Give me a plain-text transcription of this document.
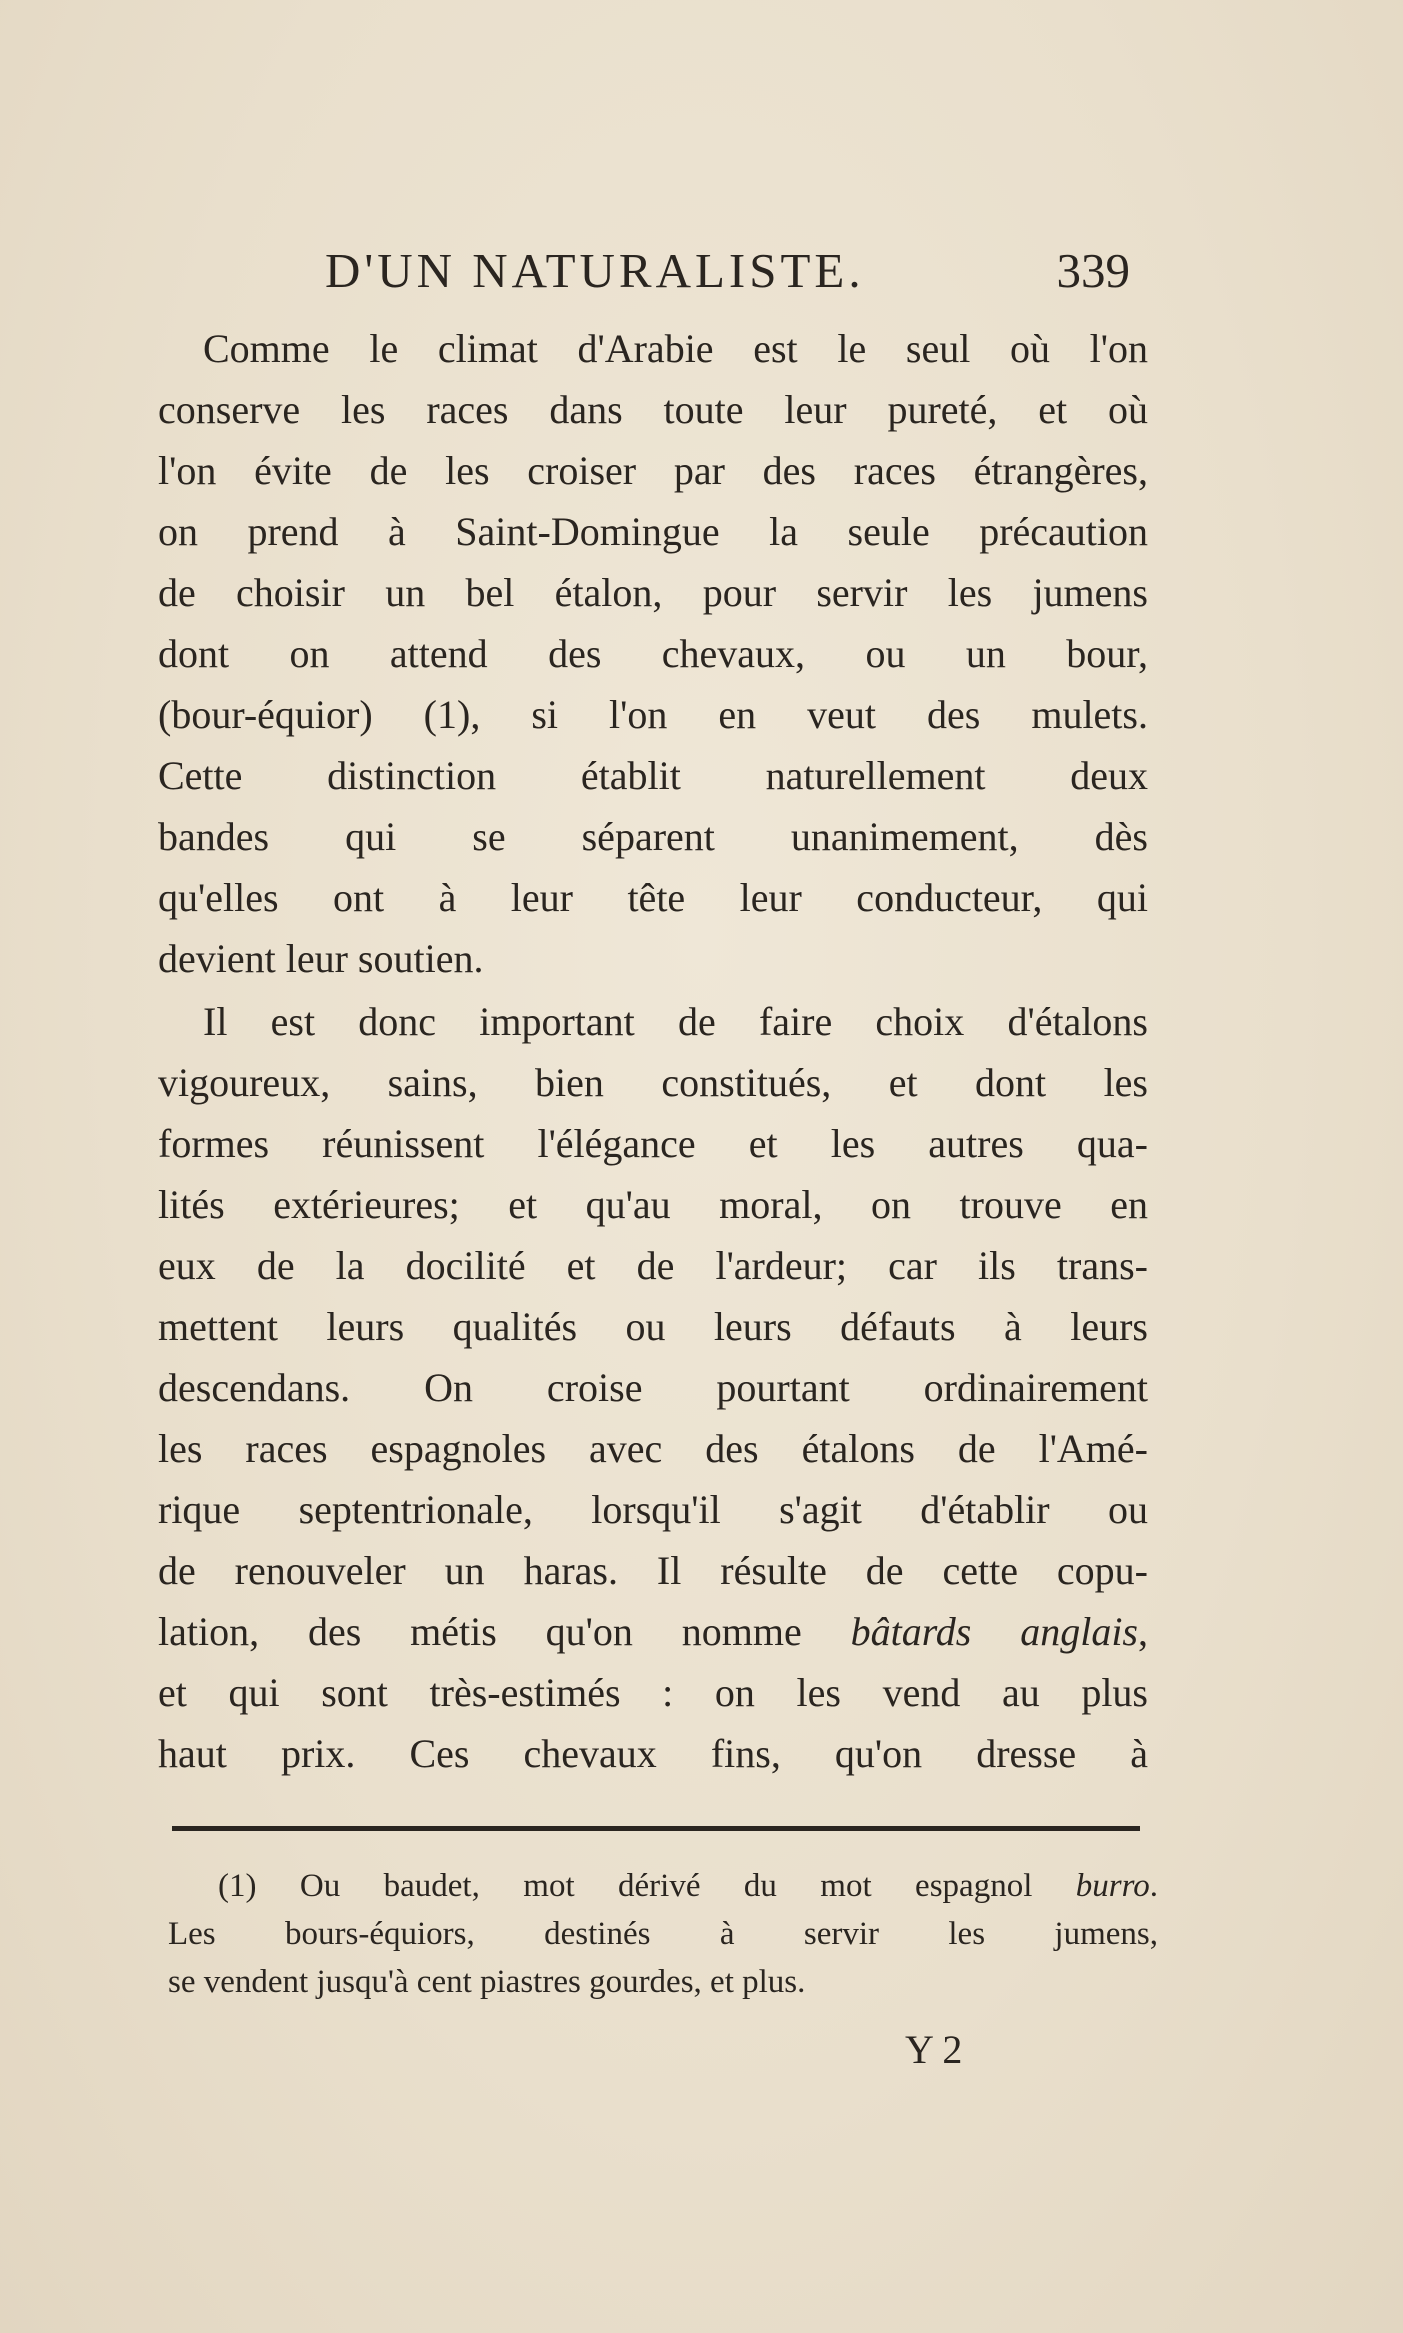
D'UN NATURALISTE.	339
Comme le climat d'Arabie est le seul où l'on
conserve les races dans toute leur pureté, et où
l'on évite de les croiser par des races étrangères,
on prend à Saint-Domingue la seule précaution
de choisir un bel étalon, pour servir les jumens
dont on attend des chevaux, ou un bour,
(bour-équior) (1), si l'on en veut des mulets.
Cette distinction établit naturellement deux
bandes qui se séparent unanimement, dès
qu'elles ont à leur tête leur conducteur, qui
devient leur soutien.
Il est donc important de faire choix d'étalons
vigoureux, sains, bien constitués, et dont les
formes réunissent l'élégance et les autres qua-
lités extérieures; et qu'au moral, on trouve en
eux de la docilité et de l'ardeur; car ils trans-
mettent leurs qualités ou leurs défauts à leurs
descendans. On croise pourtant ordinairement
les races espagnoles avec des étalons de l'Amé-
rique septentrionale, lorsqu'il s'agit d'établir ou
de renouveler un haras. Il résulte de cette copu-
lation, des métis qu'on nomme bâtards anglais,
et qui sont très-estimés : on les vend au plus
haut prix. Ces chevaux fins, qu'on dresse à
(1) Ou baudet, mot dérivé du mot espagnol burro.
Les bours-équiors, destinés à servir les jumens,
se vendent jusqu'à cent piastres gourdes, et plus.
Y 2
